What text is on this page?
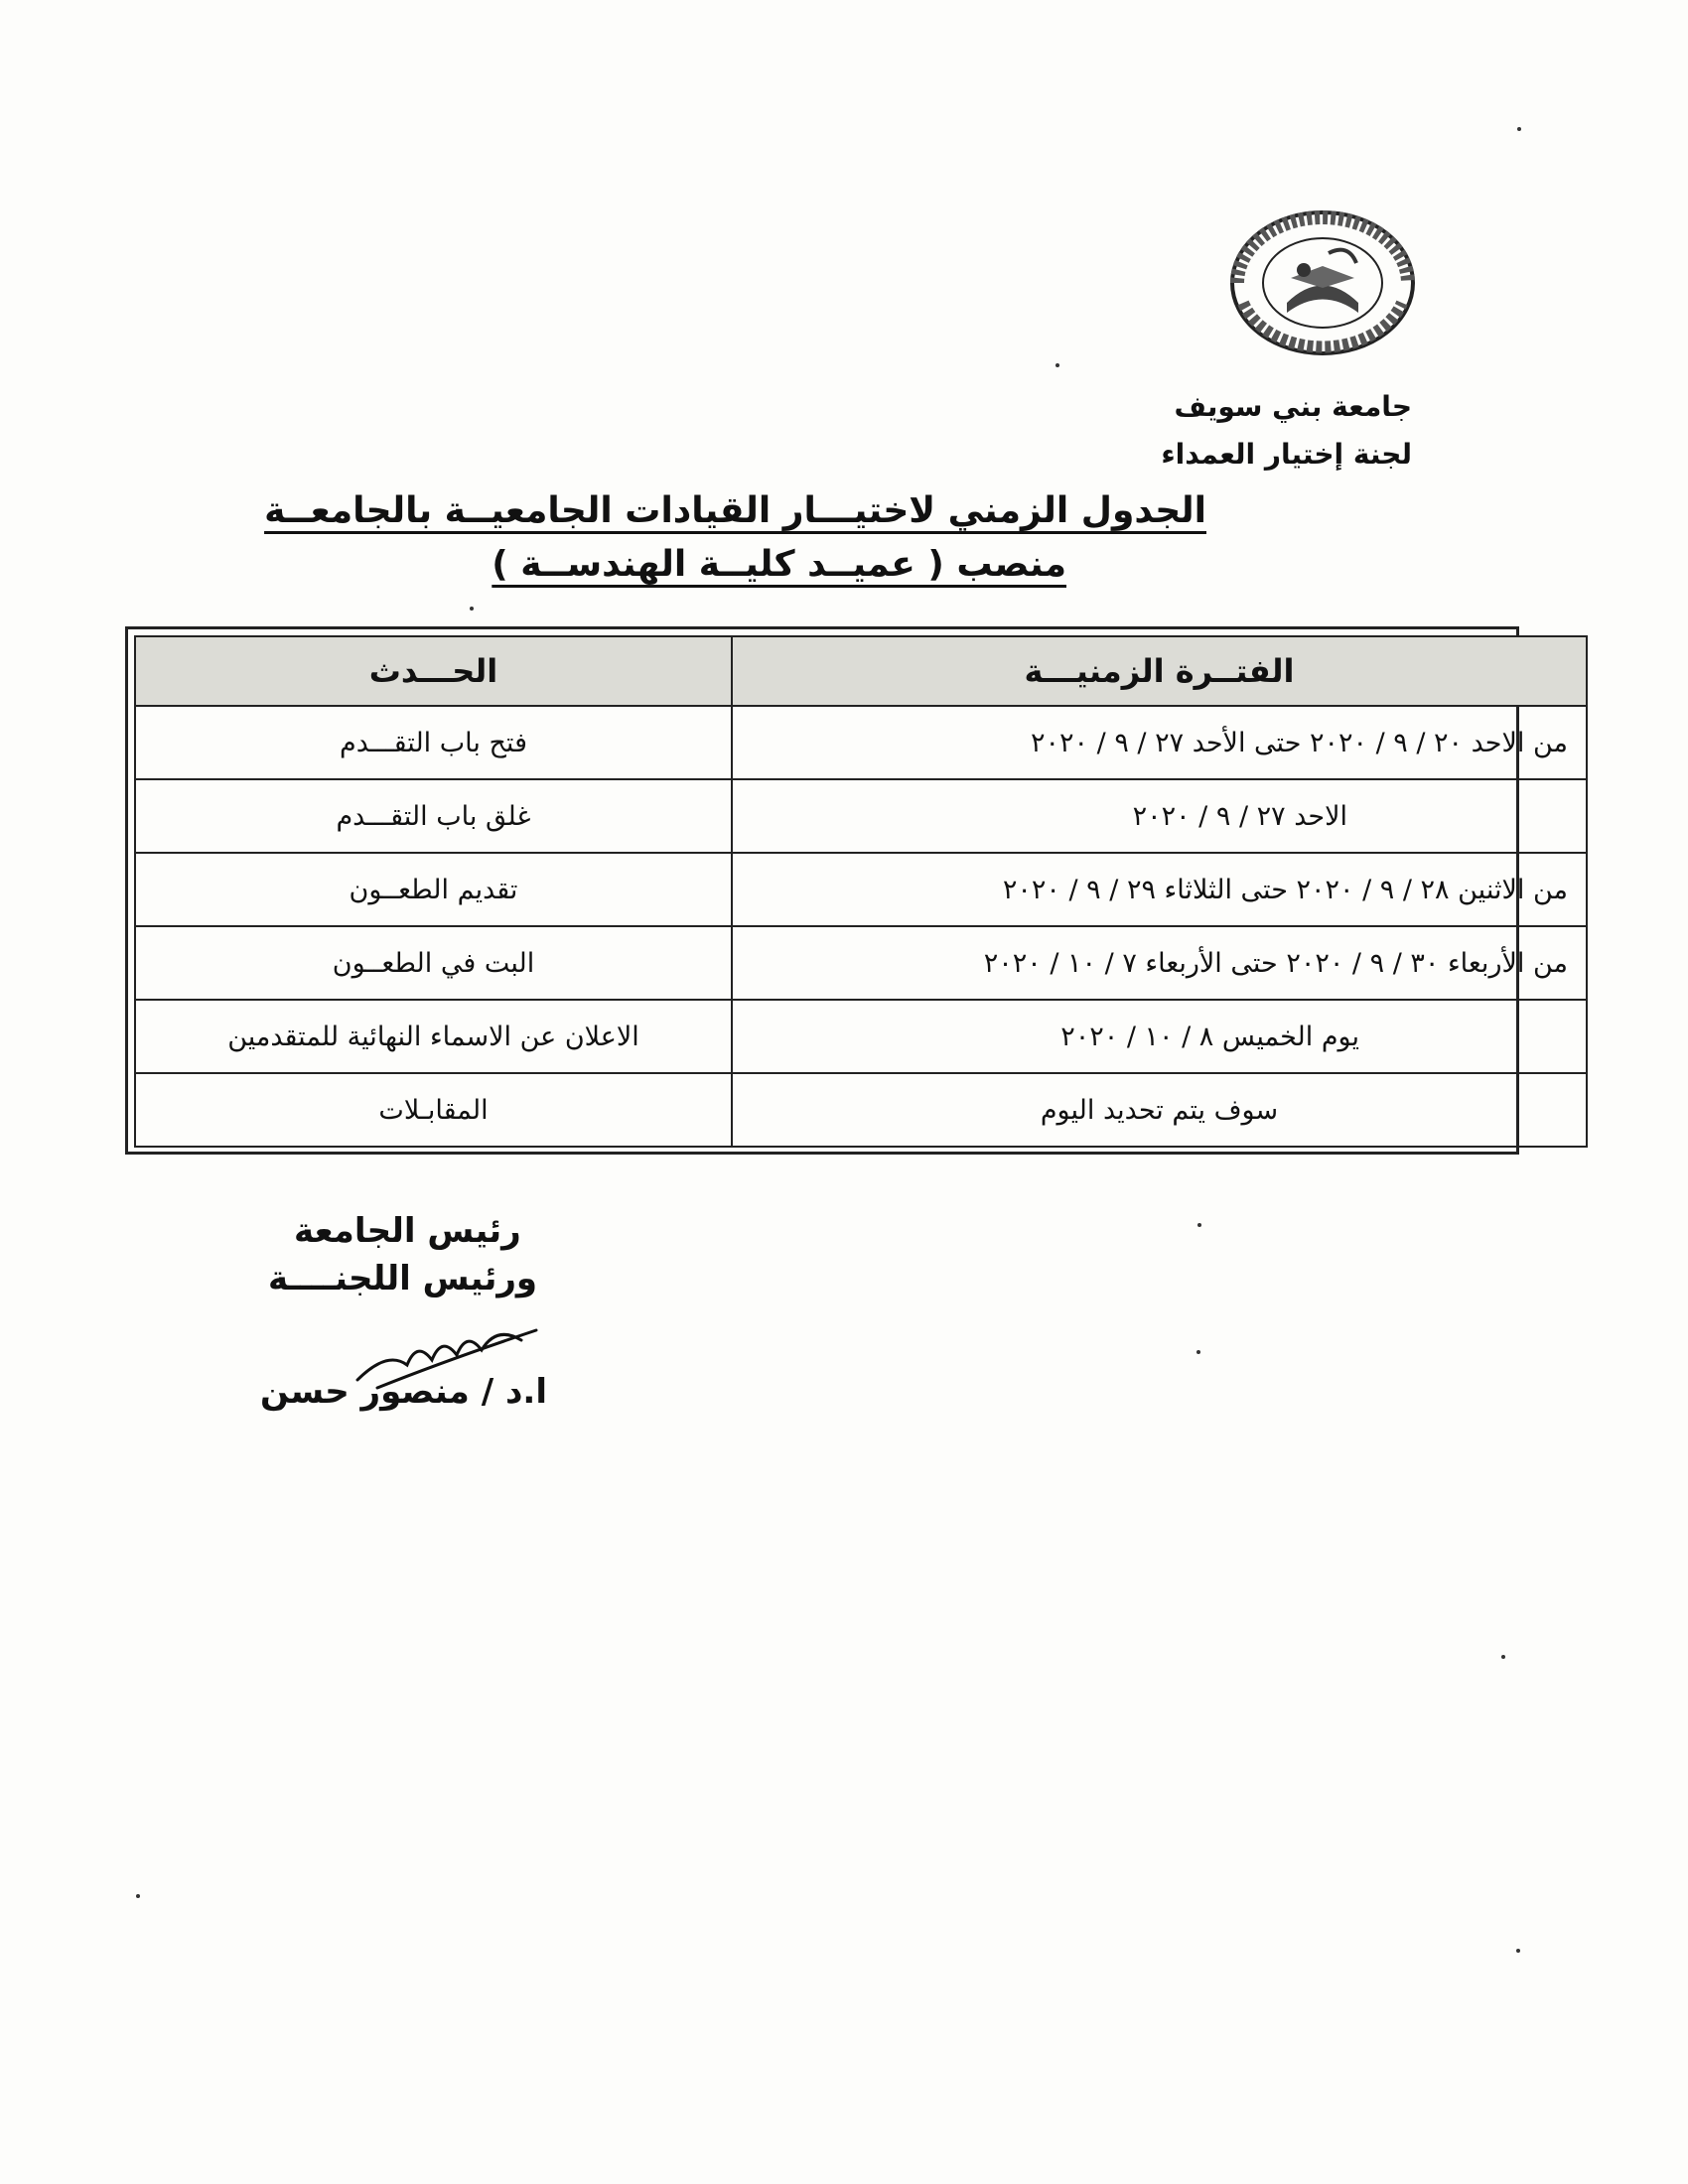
جامعة بني سويف
لجنة إختيار العمداء
الجدول الزمني لاختيـــار القيادات الجامعيــة بالجامعــة
منصب ( عميــد كليــة الهندســة )
الفتــرة الزمنيـــة	الحـــدث
من الاحد ٢٠ / ٩ / ٢٠٢٠ حتى الأحد ٢٧ / ٩ / ٢٠٢٠	فتح باب التقـــدم
الاحد ٢٧ / ٩ / ٢٠٢٠	غلق باب التقـــدم
من الاثنين ٢٨ / ٩ / ٢٠٢٠ حتى الثلاثاء ٢٩ / ٩ / ٢٠٢٠	تقديم الطعــون
من الأربعاء ٣٠ / ٩ / ٢٠٢٠ حتى الأربعاء ٧ / ١٠ / ٢٠٢٠	البت في الطعــون
يوم الخميس ٨ / ١٠ / ٢٠٢٠	الاعلان عن الاسماء النهائية للمتقدمين
سوف يتم تحديد اليوم	المقابـلات
رئيس الجامعة
ورئيس اللجنــــة
ا.د / منصور حسن
